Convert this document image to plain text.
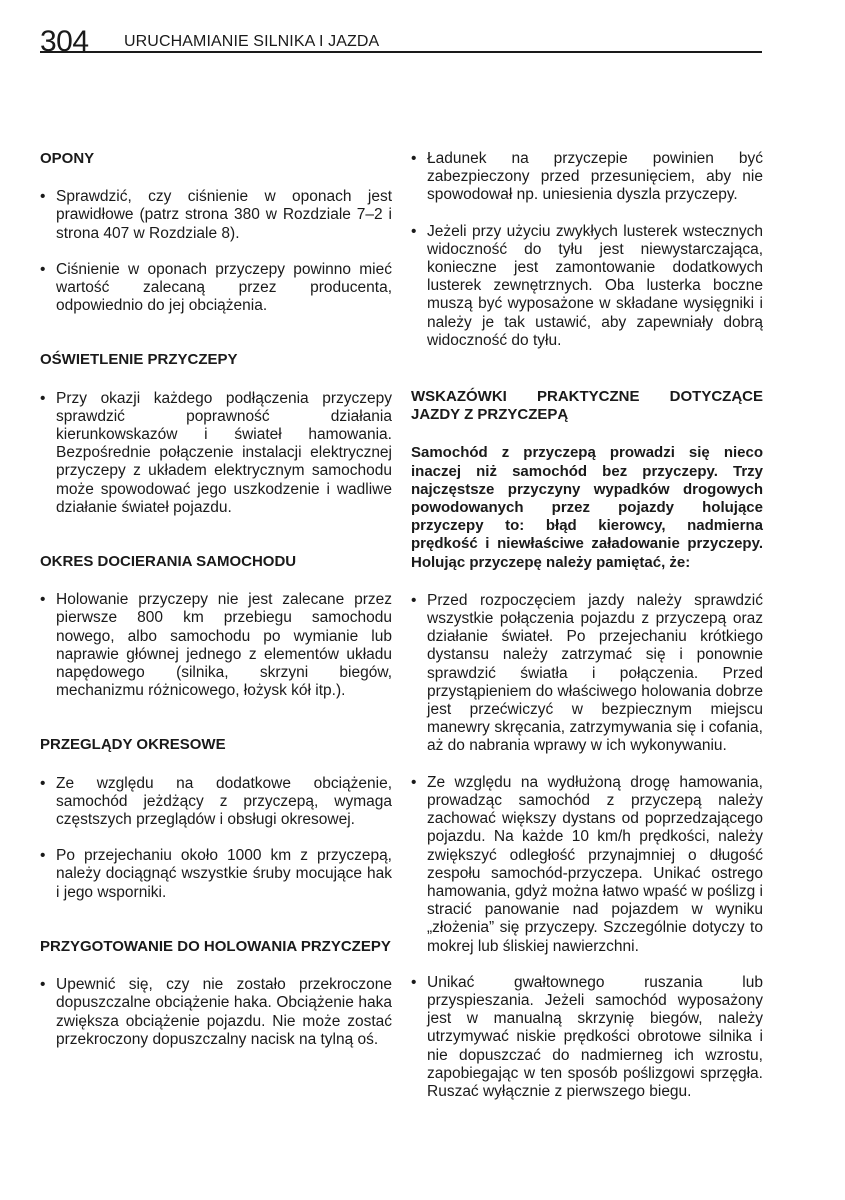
304 URUCHAMIANIE SILNIKA I JAZDA
OPONY
• Sprawdzić, czy ciśnienie w oponach jest prawidłowe (patrz strona 380 w Rozdziale 7–2 i strona 407 w Rozdziale 8).
• Ciśnienie w oponach przyczepy powinno mieć wartość zalecaną przez producenta, odpowiednio do jej obciążenia.
OŚWIETLENIE PRZYCZEPY
• Przy okazji każdego podłączenia przyczepy sprawdzić poprawność działania kierunkowskazów i świateł hamowania. Bezpośrednie połączenie instalacji elektrycznej przyczepy z układem elektrycznym samochodu może spowodować jego uszkodzenie i wadliwe działanie świateł pojazdu.
OKRES DOCIERANIA SAMOCHODU
• Holowanie przyczepy nie jest zalecane przez pierwsze 800 km przebiegu samochodu nowego, albo samochodu po wymianie lub naprawie głównej jednego z elementów układu napędowego (silnika, skrzyni biegów, mechanizmu różnicowego, łożysk kół itp.).
PRZEGLĄDY OKRESOWE
• Ze względu na dodatkowe obciążenie, samochód jeżdżący z przyczepą, wymaga częstszych przeglądów i obsługi okresowej.
• Po przejechaniu około 1000 km z przyczepą, należy dociągnąć wszystkie śruby mocujące hak i jego wsporniki.
PRZYGOTOWANIE DO HOLOWANIA PRZYCZEPY
• Upewnić się, czy nie zostało przekroczone dopuszczalne obciążenie haka. Obciążenie haka zwiększa obciążenie pojazdu. Nie może zostać przekroczony dopuszczalny nacisk na tylną oś.
• Ładunek na przyczepie powinien być zabezpieczony przed przesunięciem, aby nie spowodował np. uniesienia dyszla przyczepy.
• Jeżeli przy użyciu zwykłych lusterek wstecznych widoczność do tyłu jest niewystarczająca, konieczne jest zamontowanie dodatkowych lusterek zewnętrznych. Oba lusterka boczne muszą być wyposażone w składane wysięgniki i należy je tak ustawić, aby zapewniały dobrą widoczność do tyłu.
WSKAZÓWKI PRAKTYCZNE DOTYCZĄCE JAZDY Z PRZYCZEPĄ

Samochód z przyczepą prowadzi się nieco inaczej niż samochód bez przyczepy. Trzy najczęstsze przyczyny wypadków drogowych powodowanych przez pojazdy holujące przyczepy to: błąd kierowcy, nadmierna prędkość i niewłaściwe załadowanie przyczepy. Holując przyczepę należy pamiętać, że:

• Przed rozpoczęciem jazdy należy sprawdzić wszystkie połączenia pojazdu z przyczepą oraz działanie świateł. Po przejechaniu krótkiego dystansu należy zatrzymać się i ponownie sprawdzić światła i połączenia. Przed przystąpieniem do właściwego holowania dobrze jest przećwiczyć w bezpiecznym miejscu manewry skręcania, zatrzymywania się i cofania, aż do nabrania wprawy w ich wykonywaniu.
• Ze względu na wydłużoną drogę hamowania, prowadząc samochód z przyczepą należy zachować większy dystans od poprzedzającego pojazdu. Na każde 10 km/h prędkości, należy zwiększyć odległość przynajmniej o długość zespołu samochód-przyczepa. Unikać ostrego hamowania, gdyż można łatwo wpaść w poślizg i stracić panowanie nad pojazdem w wyniku „złożenia” się przyczepy. Szczególnie dotyczy to mokrej lub śliskiej nawierzchni.
• Unikać gwałtownego ruszania lub przyspieszania. Jeżeli samochód wyposażony jest w manualną skrzynię biegów, należy utrzymywać niskie prędkości obrotowe silnika i nie dopuszczać do nadmierneg ich wzrostu, zapobiegając w ten sposób poślizgowi sprzęgła. Ruszać wyłącznie z pierwszego biegu.
